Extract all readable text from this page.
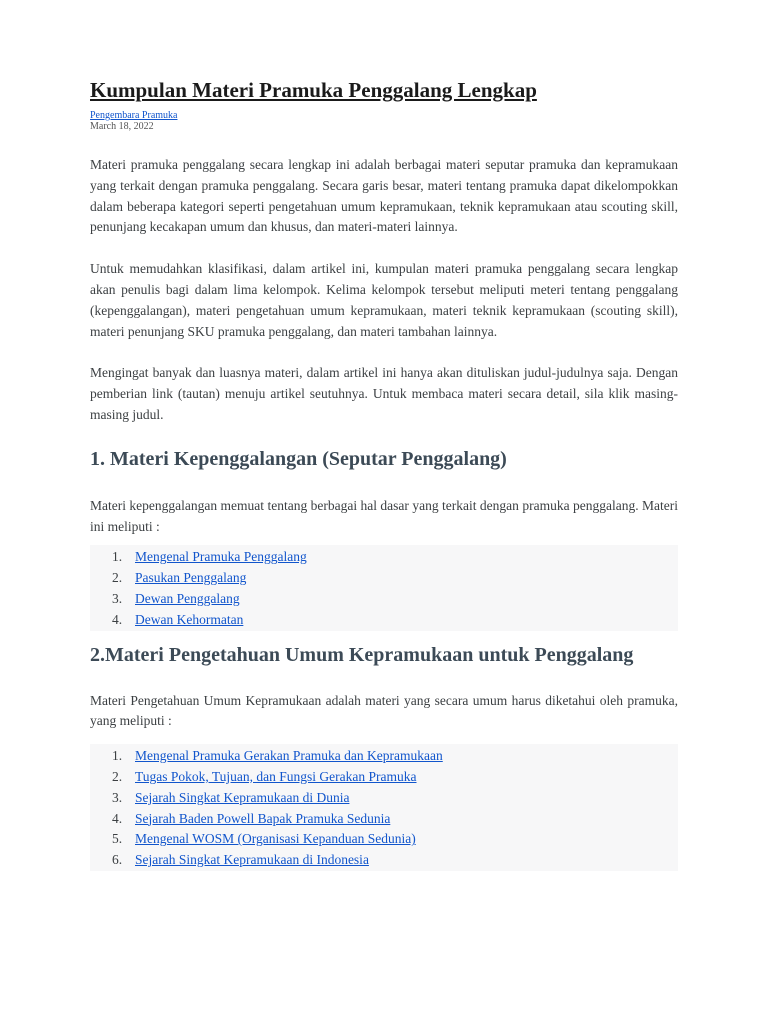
Kumpulan Materi Pramuka Penggalang Lengkap
Pengembara Pramuka
March 18, 2022

Materi pramuka penggalang secara lengkap ini adalah berbagai materi seputar pramuka dan kepramukaan yang terkait dengan pramuka penggalang. Secara garis besar, materi tentang pramuka dapat dikelompokkan dalam beberapa kategori seperti pengetahuan umum kepramukaan, teknik kepramukaan atau scouting skill, penunjang kecakapan umum dan khusus, dan materi-materi lainnya.

Untuk memudahkan klasifikasi, dalam artikel ini, kumpulan materi pramuka penggalang secara lengkap akan penulis bagi dalam lima kelompok. Kelima kelompok tersebut meliputi meteri tentang penggalang (kepenggalangan), materi pengetahuan umum kepramukaan, materi teknik kepramukaan (scouting skill), materi penunjang SKU pramuka penggalang, dan materi tambahan lainnya.

Mengingat banyak dan luasnya materi, dalam artikel ini hanya akan dituliskan judul-judulnya saja. Dengan pemberian link (tautan) menuju artikel seutuhnya. Untuk membaca materi secara detail, sila klik masing-masing judul.

1. Materi Kepenggalangan (Seputar Penggalang)

Materi kepenggalangan memuat tentang berbagai hal dasar yang terkait dengan pramuka penggalang. Materi ini meliputi :

1. Mengenal Pramuka Penggalang
2. Pasukan Penggalang
3. Dewan Penggalang
4. Dewan Kehormatan
2.Materi Pengetahuan Umum Kepramukaan untuk Penggalang

Materi Pengetahuan Umum Kepramukaan adalah materi yang secara umum harus diketahui oleh pramuka, yang meliputi :

1. Mengenal Pramuka Gerakan Pramuka dan Kepramukaan
2. Tugas Pokok, Tujuan, dan Fungsi Gerakan Pramuka
3. Sejarah Singkat Kepramukaan di Dunia
4. Sejarah Baden Powell Bapak Pramuka Sedunia
5. Mengenal WOSM (Organisasi Kepanduan Sedunia)
6. Sejarah Singkat Kepramukaan di Indonesia
